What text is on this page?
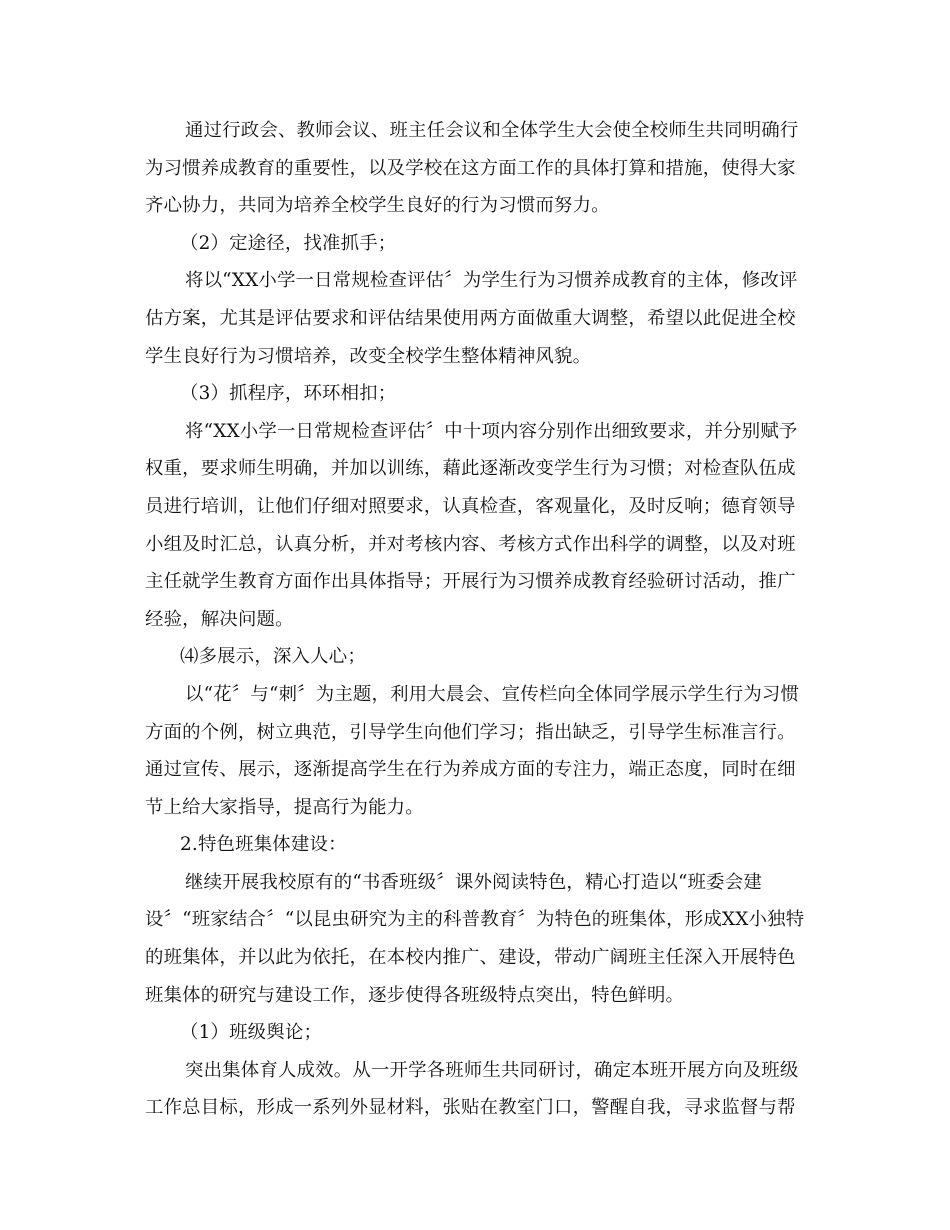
通过行政会、教师会议、班主任会议和全体学生大会使全校师生共同明确行
为习惯养成教育的重要性，以及学校在这方面工作的具体打算和措施，使得大家
齐心协力，共同为培养全校学生良好的行为习惯而努力。
（2）定途径，找准抓手；
将以“XX小学一日常规检查评估〞为学生行为习惯养成教育的主体，修改评
估方案，尤其是评估要求和评估结果使用两方面做重大调整，希望以此促进全校
学生良好行为习惯培养，改变全校学生整体精神风貌。
（3）抓程序，环环相扣；
将“XX小学一日常规检查评估〞中十项内容分别作出细致要求，并分别赋予
权重，要求师生明确，并加以训练，藉此逐渐改变学生行为习惯；对检查队伍成
员进行培训，让他们仔细对照要求，认真检查，客观量化，及时反响；德育领导
小组及时汇总，认真分析，并对考核内容、考核方式作出科学的调整，以及对班
主任就学生教育方面作出具体指导；开展行为习惯养成教育经验研讨活动，推广
经验，解决问题。
⑷多展示，深入人心；
以“花〞与“刺〞为主题，利用大晨会、宣传栏向全体同学展示学生行为习惯
方面的个例，树立典范，引导学生向他们学习；指出缺乏，引导学生标准言行。
通过宣传、展示，逐渐提高学生在行为养成方面的专注力，端正态度，同时在细
节上给大家指导，提高行为能力。
2.特色班集体建设：
继续开展我校原有的“书香班级〞课外阅读特色，精心打造以“班委会建
设〞“班家结合〞“以昆虫研究为主的科普教育〞为特色的班集体，形成XX小独特
的班集体，并以此为依托，在本校内推广、建设，带动广阔班主任深入开展特色
班集体的研究与建设工作，逐步使得各班级特点突出，特色鲜明。
（1）班级舆论；
突出集体育人成效。从一开学各班师生共同研讨，确定本班开展方向及班级
工作总目标，形成一系列外显材料，张贴在教室门口，警醒自我，寻求监督与帮
